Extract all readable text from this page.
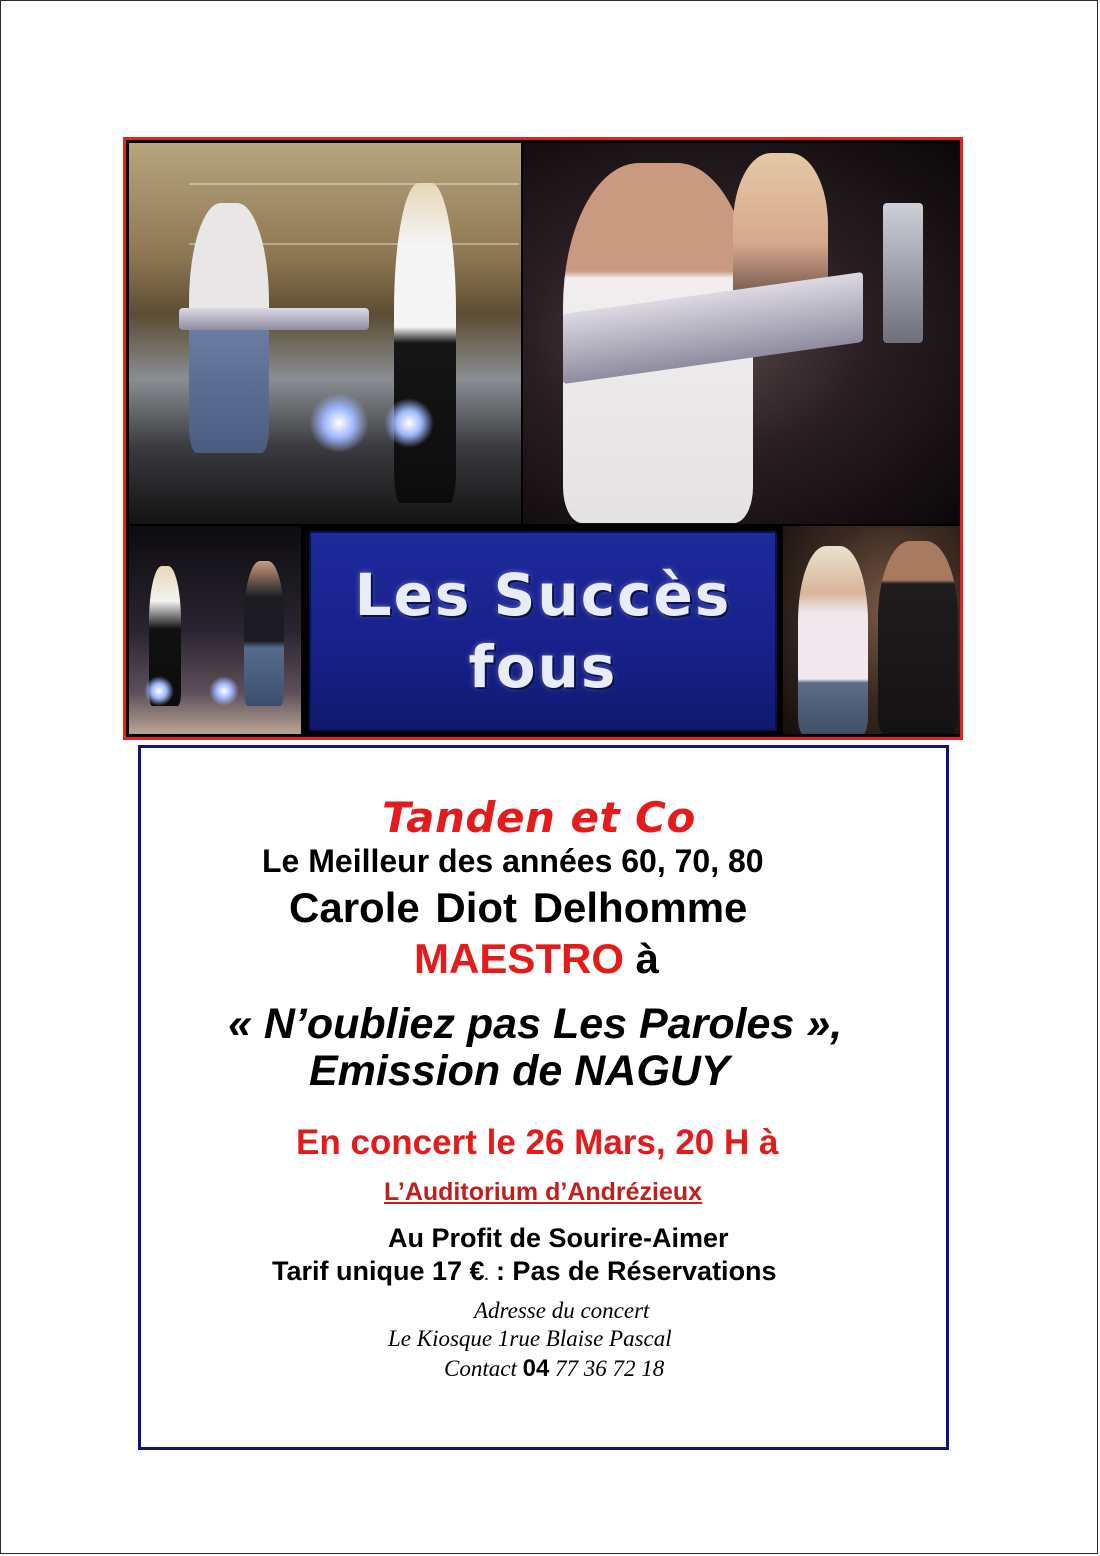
Les Succès
fous
Tanden et Co
Le Meilleur des années 60, 70, 80
Carole Diot Delhomme
MAESTRO à
« N’oubliez pas Les Paroles »,
Emission de NAGUY
En concert le 26 Mars, 20 H à
L’Auditorium d’Andrézieux
Au Profit de Sourire-Aimer
Tarif unique 17 €. : Pas de Réservations
Adresse du concert
Le Kiosque 1rue Blaise Pascal
Contact 04 77 36 72 18
